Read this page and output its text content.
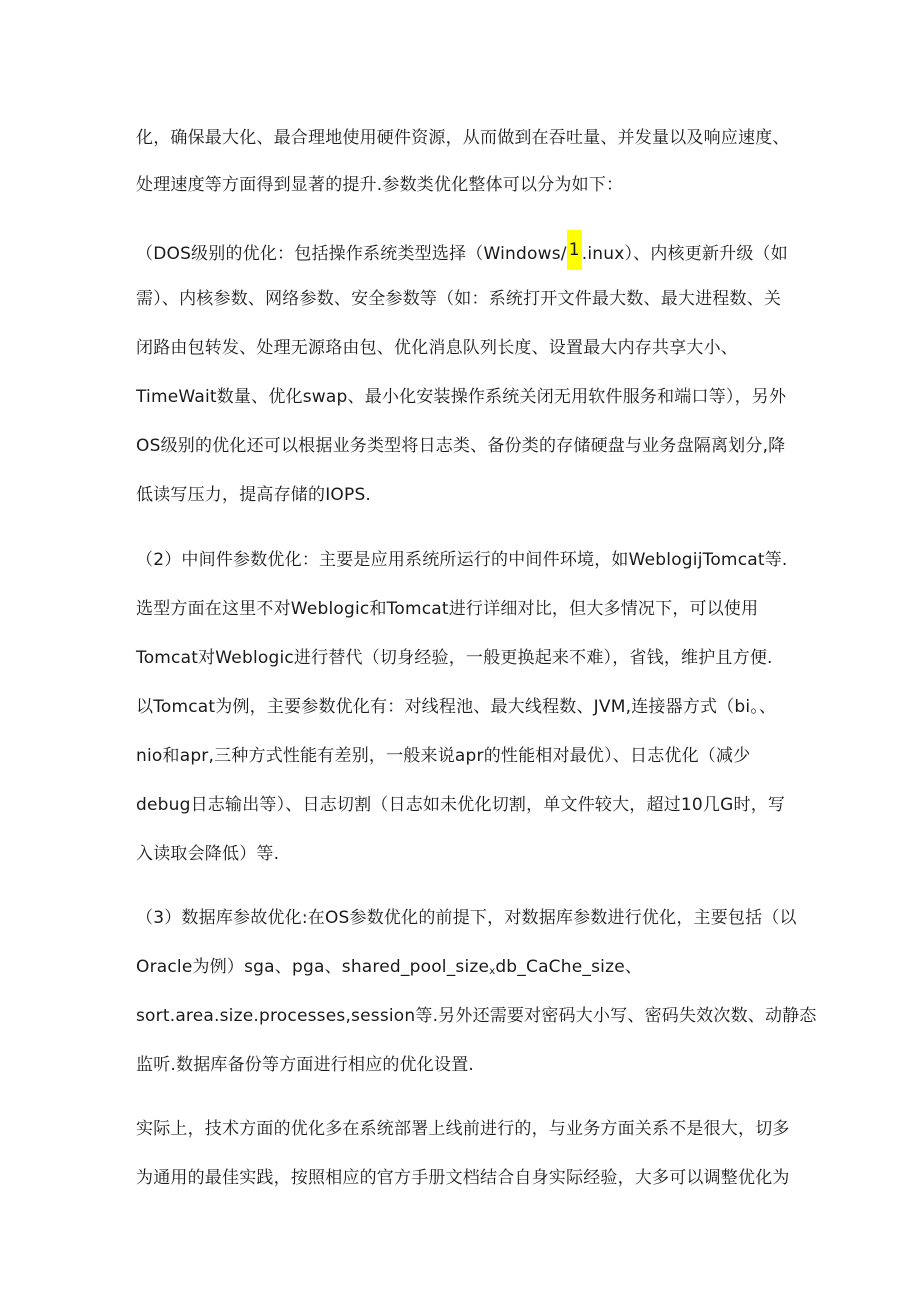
化，确保最大化、最合理地使用硬件资源，从而做到在吞吐量、并发量以及响应速度、
处理速度等方面得到显著的提升.参数类优化整体可以分为如下：
（DOS级别的优化：包括操作系统类型选择（Windows/ 1 .inux）、内核更新升级（如
需）、内核参数、网络参数、安全参数等（如：系统打开文件最大数、最大进程数、关
闭路由包转发、处理无源珞由包、优化消息队列长度、设置最大内存共享大小、
TimeWait数量、优化swap、最小化安装操作系统关闭无用软件服务和端口等），另外
OS级别的优化还可以根据业务类型将日志类、备份类的存储硬盘与业务盘隔离划分,降
低读写压力，提高存储的IOPS.
（2）中间件参数优化：主要是应用系统所运行的中间件环境，如WeblogijTomcat等.
选型方面在这里不对Weblogic和Tomcat进行详细对比，但大多情况下，可以使用
Tomcat对Weblogic进行替代（切身经验，一般更换起来不难），省钱，维护且方便.
以Tomcat为例，主要参数优化有：对线程池、最大线程数、JVM,连接器方式（bi。、
nio和apr,三种方式性能有差别，一般来说apr的性能相对最优）、日志优化（减少
debug日志输出等）、日志切割（日志如未优化切割，单文件较大，超过10几G时，写
入读取会降低）等.
（3）数据库参故优化:在OS参数优化的前提下，对数据库参数进行优化，主要包括（以
Oracle为例）sga、pga、shared_pool_size$_x$db_CaChe_size、
sort.area.size.processes,session等.另外还需要对密码大小写、密码失效次数、动静态
监听.数据库备份等方面进行相应的优化设置.
实际上，技术方面的优化多在系统部署上线前进行的，与业务方面关系不是很大，切多
为通用的最佳实践，按照相应的官方手册文档结合自身实际经验，大多可以调整优化为
